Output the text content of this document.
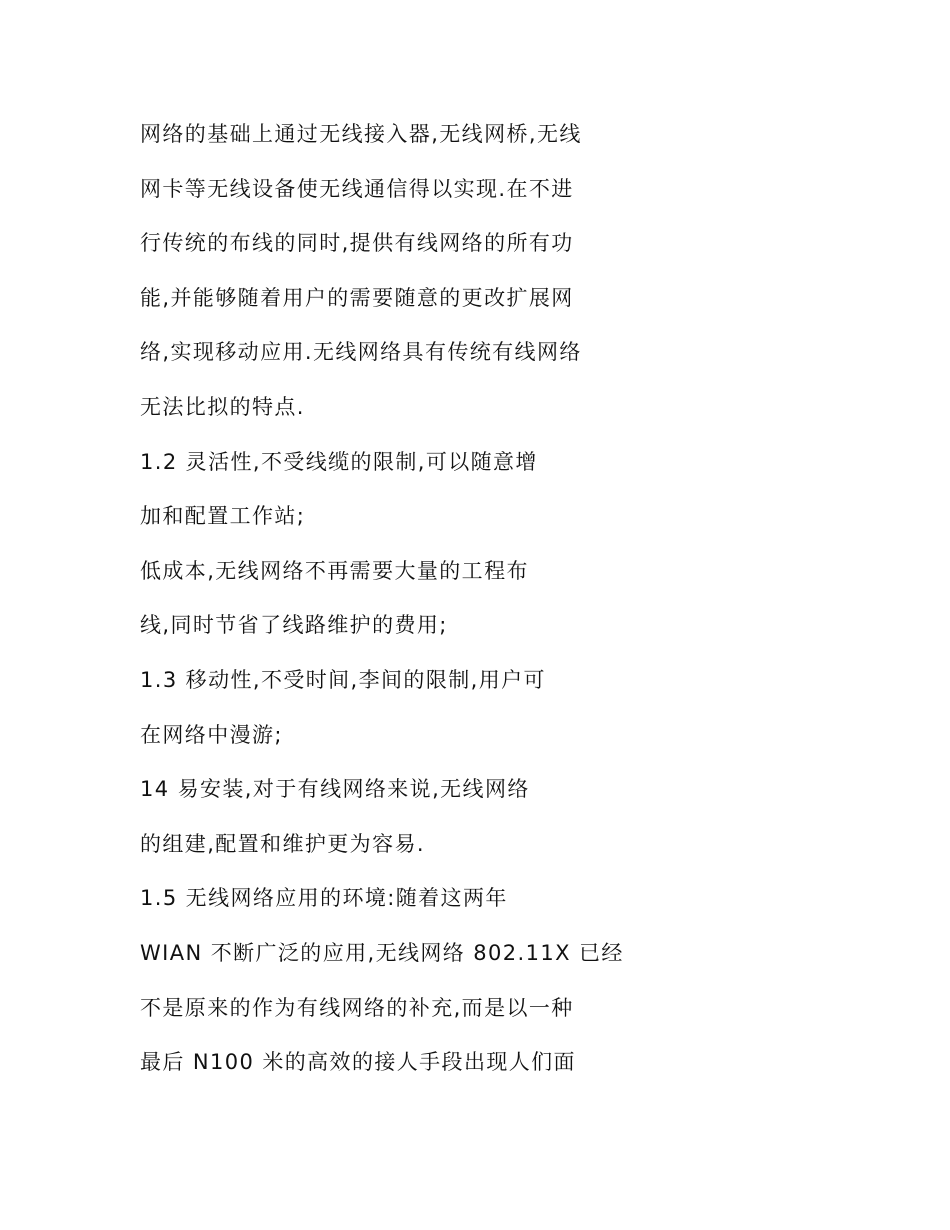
网络的基础上通过无线接入器,无线网桥,无线
网卡等无线设备使无线通信得以实现.在不进
行传统的布线的同时,提供有线网络的所有功
能,并能够随着用户的需要随意的更改扩展网
络,实现移动应用.无线网络具有传统有线网络
无法比拟的特点.
1.2 灵活性,不受线缆的限制,可以随意增
加和配置工作站;
低成本,无线网络不再需要大量的工程布
线,同时节省了线路维护的费用;
1.3 移动性,不受时间,李间的限制,用户可
在网络中漫游;
14 易安装,对于有线网络来说,无线网络
的组建,配置和维护更为容易.
1.5 无线网络应用的环境:随着这两年
WIAN 不断广泛的应用,无线网络 802.11X 已经
不是原来的作为有线网络的补充,而是以一种
最后 N100 米的高效的接人手段出现人们面
